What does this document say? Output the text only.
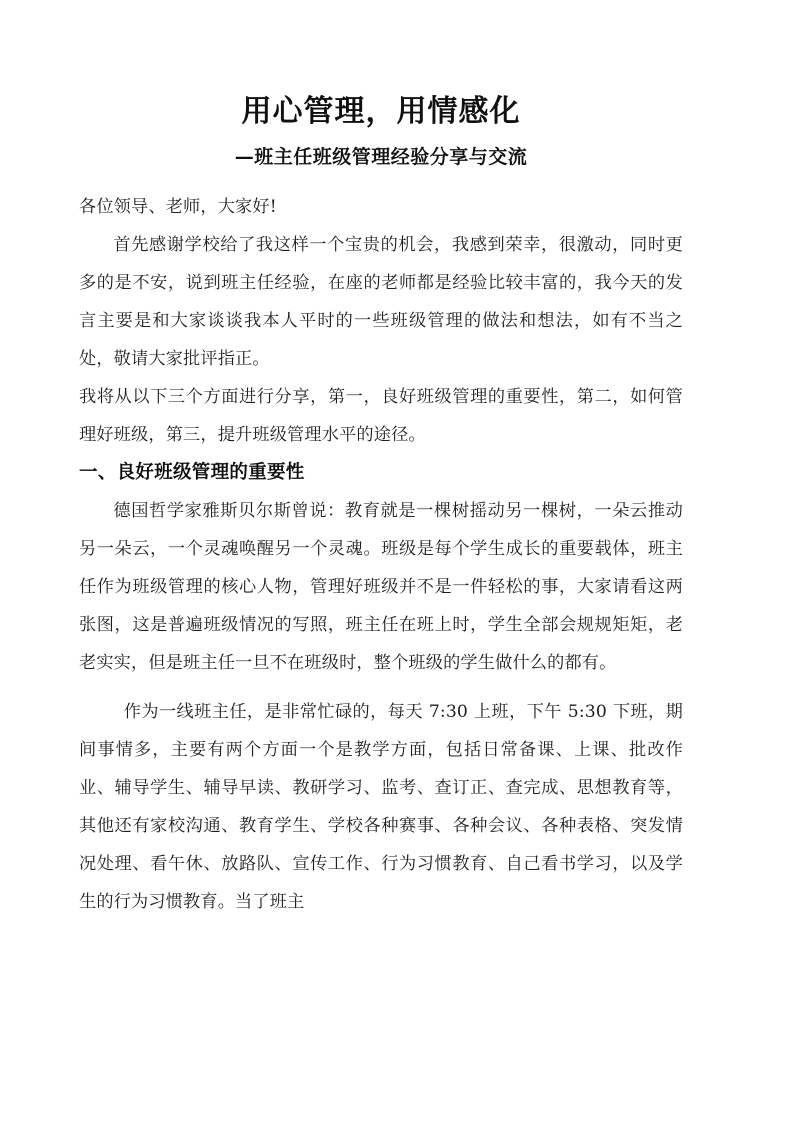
用心管理，用情感化
—班主任班级管理经验分享与交流

各位领导、老师，大家好!

首先感谢学校给了我这样一个宝贵的机会，我感到荣幸，很激动，同时更多的是不安，说到班主任经验，在座的老师都是经验比较丰富的，我今天的发言主要是和大家谈谈我本人平时的一些班级管理的做法和想法，如有不当之处，敬请大家批评指正。

我将从以下三个方面进行分享，第一，良好班级管理的重要性，第二，如何管理好班级，第三，提升班级管理水平的途径。

一、良好班级管理的重要性

德国哲学家雅斯贝尔斯曾说：教育就是一棵树摇动另一棵树，一朵云推动另一朵云，一个灵魂唤醒另一个灵魂。班级是每个学生成长的重要载体，班主任作为班级管理的核心人物，管理好班级并不是一件轻松的事，大家请看这两张图，这是普遍班级情况的写照，班主任在班上时，学生全部会规规矩矩，老老实实，但是班主任一旦不在班级时，整个班级的学生做什么的都有。

作为一线班主任，是非常忙碌的，每天 7:30 上班，下午 5:30 下班，期间事情多，主要有两个方面一个是教学方面，包括日常备课、上课、批改作业、辅导学生、辅导早读、教研学习、监考、查订正、查完成、思想教育等，其他还有家校沟通、教育学生、学校各种赛事、各种会议、各种表格、突发情况处理、看午休、放路队、宣传工作、行为习惯教育、自己看书学习，以及学生的行为习惯教育。当了班主
